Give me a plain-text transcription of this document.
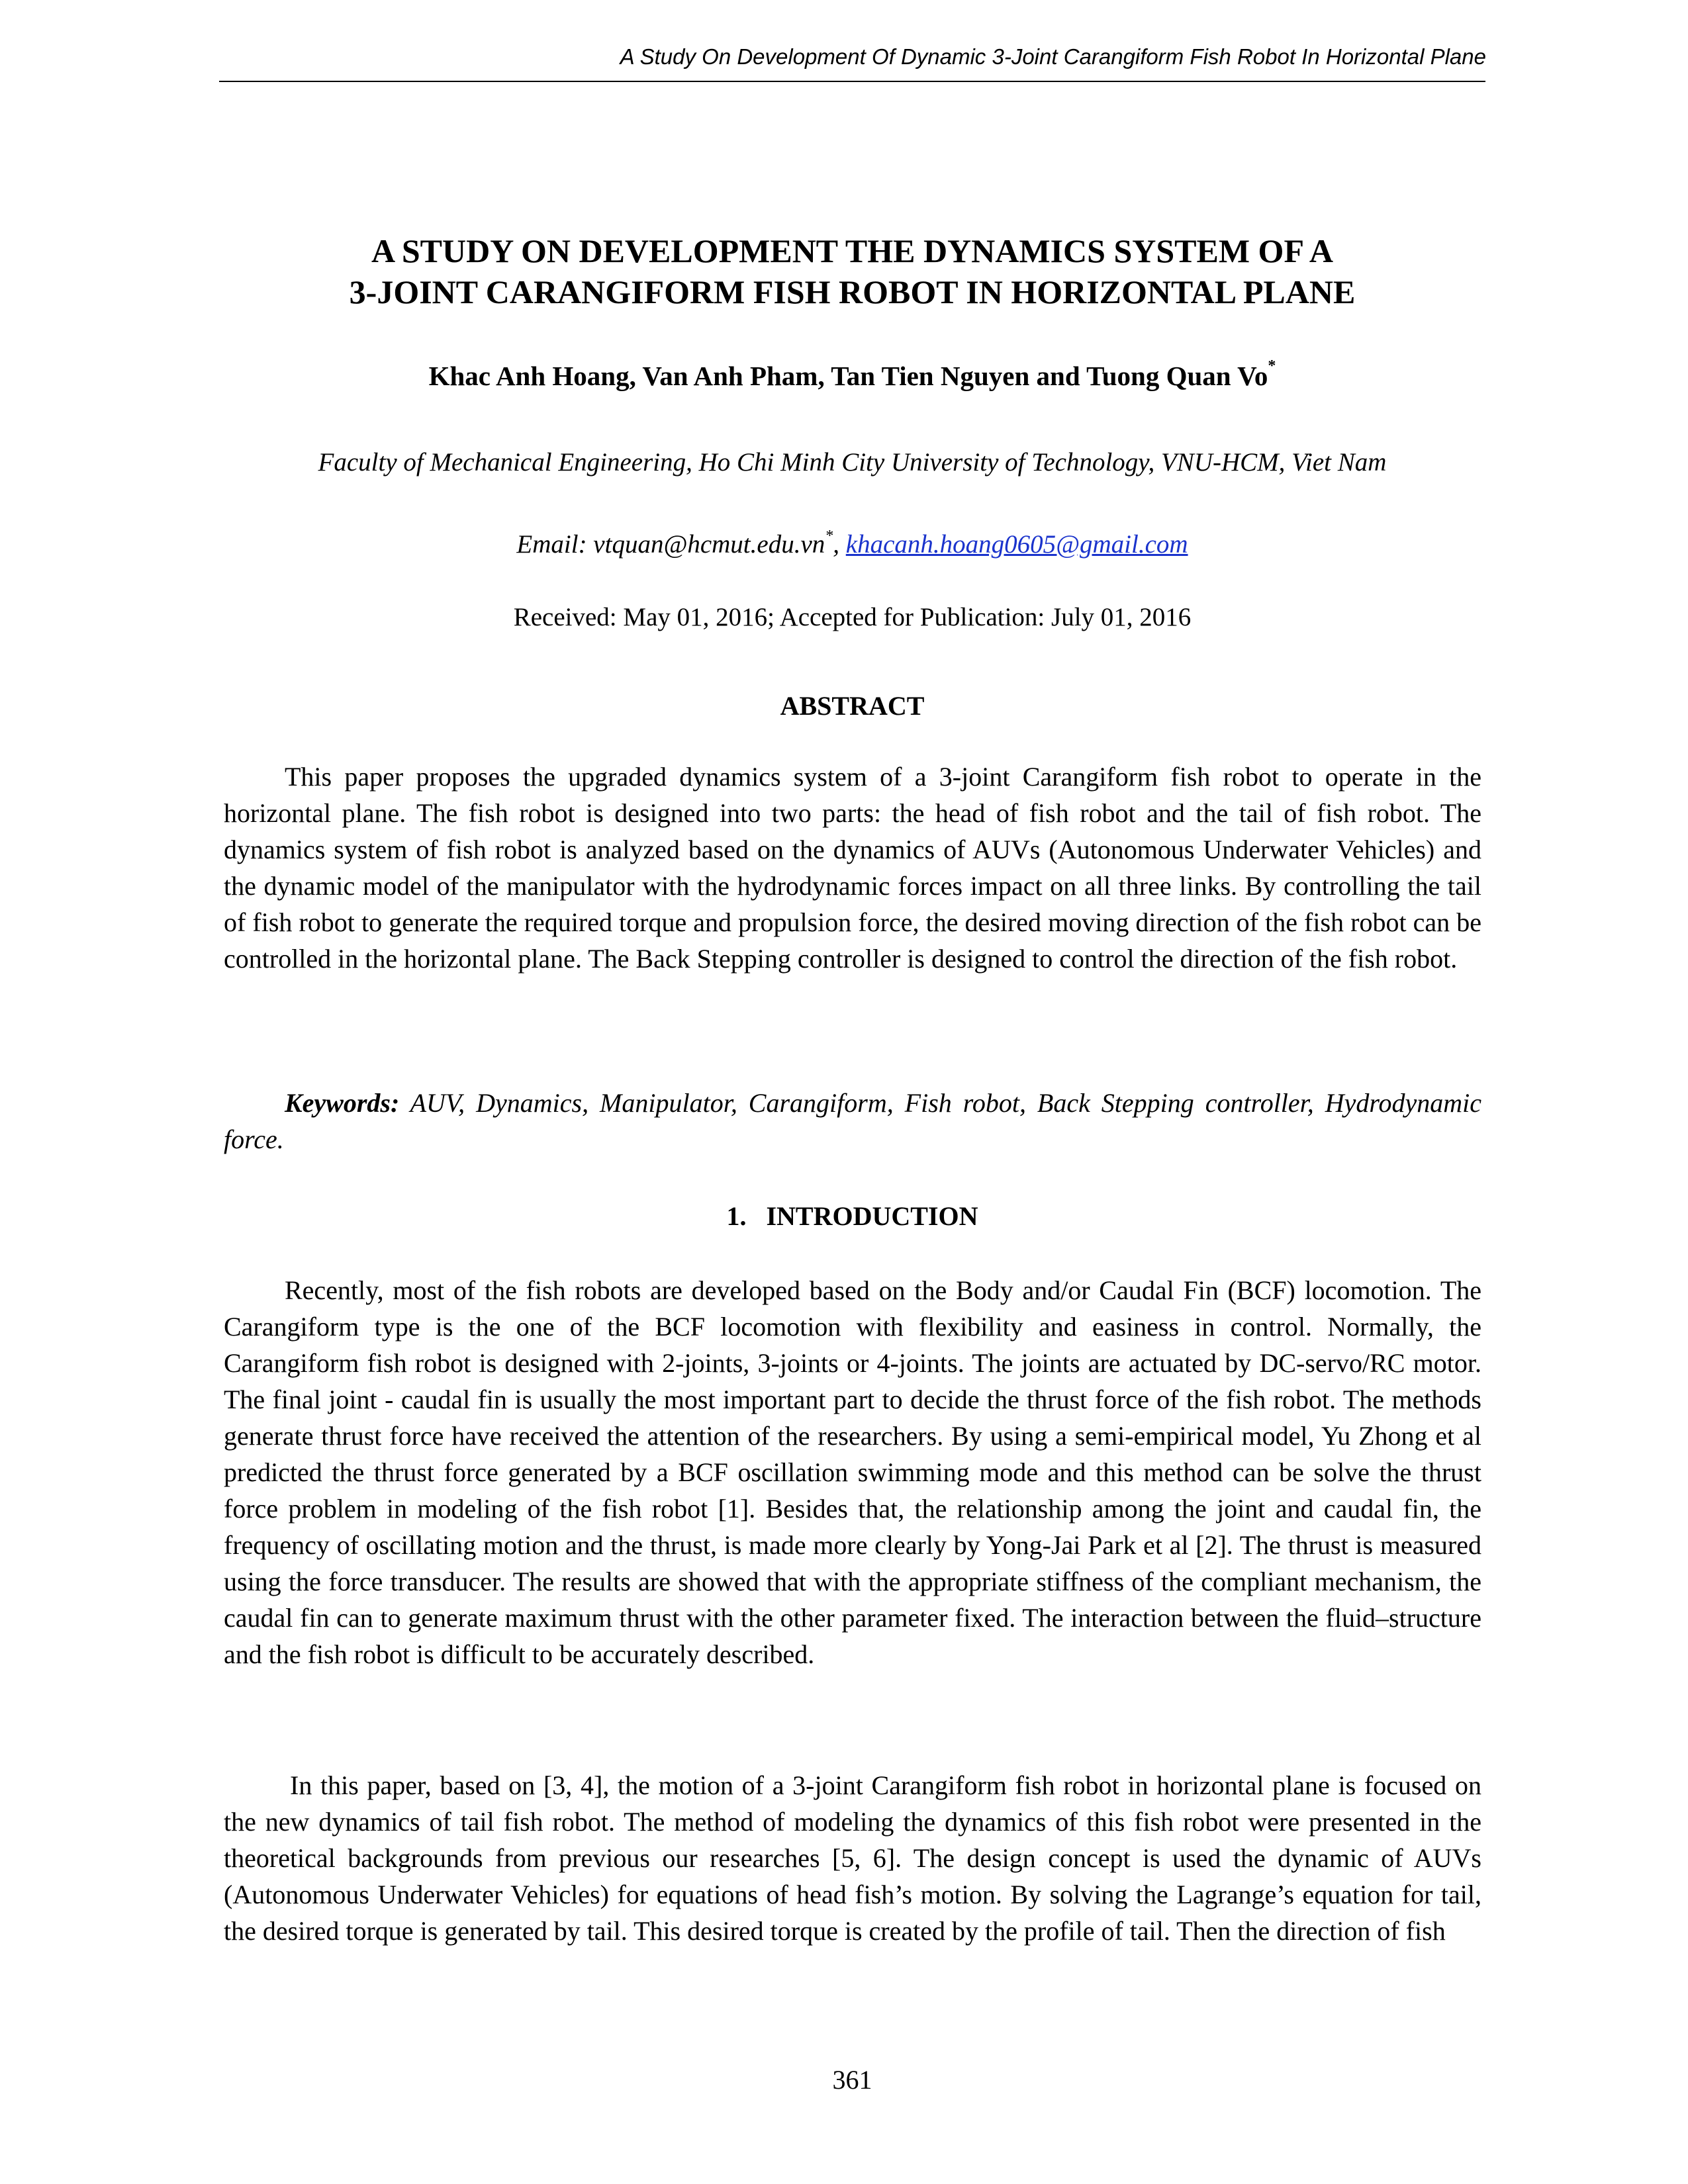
A Study On Development Of Dynamic 3-Joint Carangiform Fish Robot In Horizontal Plane
A STUDY ON DEVELOPMENT THE DYNAMICS SYSTEM OF A
3-JOINT CARANGIFORM FISH ROBOT IN HORIZONTAL PLANE
Khac Anh Hoang, Van Anh Pham, Tan Tien Nguyen and Tuong Quan Vo*
Faculty of Mechanical Engineering, Ho Chi Minh City University of Technology, VNU-HCM, Viet Nam
Email: vtquan@hcmut.edu.vn*, khacanh.hoang0605@gmail.com
Received: May 01, 2016; Accepted for Publication: July 01, 2016
ABSTRACT

This paper proposes the upgraded dynamics system of a 3-joint Carangiform fish robot to operate in the horizontal plane. The fish robot is designed into two parts: the head of fish robot and the tail of fish robot. The dynamics system of fish robot is analyzed based on the dynamics of AUVs (Autonomous Underwater Vehicles) and the dynamic model of the manipulator with the hydrodynamic forces impact on all three links. By controlling the tail of fish robot to generate the required torque and propulsion force, the desired moving direction of the fish robot can be controlled in the horizontal plane. The Back Stepping controller is designed to control the direction of the fish robot.

Keywords: AUV, Dynamics, Manipulator, Carangiform, Fish robot, Back Stepping controller, Hydrodynamic force.

1.   INTRODUCTION

Recently, most of the fish robots are developed based on the Body and/or Caudal Fin (BCF) locomotion. The Carangiform type is the one of the BCF locomotion with flexibility and easiness in control. Normally, the Carangiform fish robot is designed with 2-joints, 3-joints or 4-joints. The joints are actuated by DC-servo/RC motor. The final joint - caudal fin is usually the most important part to decide the thrust force of the fish robot. The methods generate thrust force have received the attention of the researchers. By using a semi-empirical model, Yu Zhong et al predicted the thrust force generated by a BCF oscillation swimming mode and this method can be solve the thrust force problem in modeling of the fish robot [1]. Besides that, the relationship among the joint and caudal fin, the frequency of oscillating motion and the thrust, is made more clearly by Yong-Jai Park et al [2]. The thrust is measured using the force transducer. The results are showed that with the appropriate stiffness of the compliant mechanism, the caudal fin can to generate maximum thrust with the other parameter fixed. The interaction between the fluid–structure and the fish robot is difficult to be accurately described.

In this paper, based on [3, 4], the motion of a 3-joint Carangiform fish robot in horizontal plane is focused on the new dynamics of tail fish robot. The method of modeling the dynamics of this fish robot were presented in the theoretical backgrounds from previous our researches [5, 6]. The design concept is used the dynamic of AUVs (Autonomous Underwater Vehicles) for equations of head fish’s motion. By solving the Lagrange’s equation for tail, the desired torque is generated by tail. This desired torque is created by the profile of tail. Then the direction of fish

361
